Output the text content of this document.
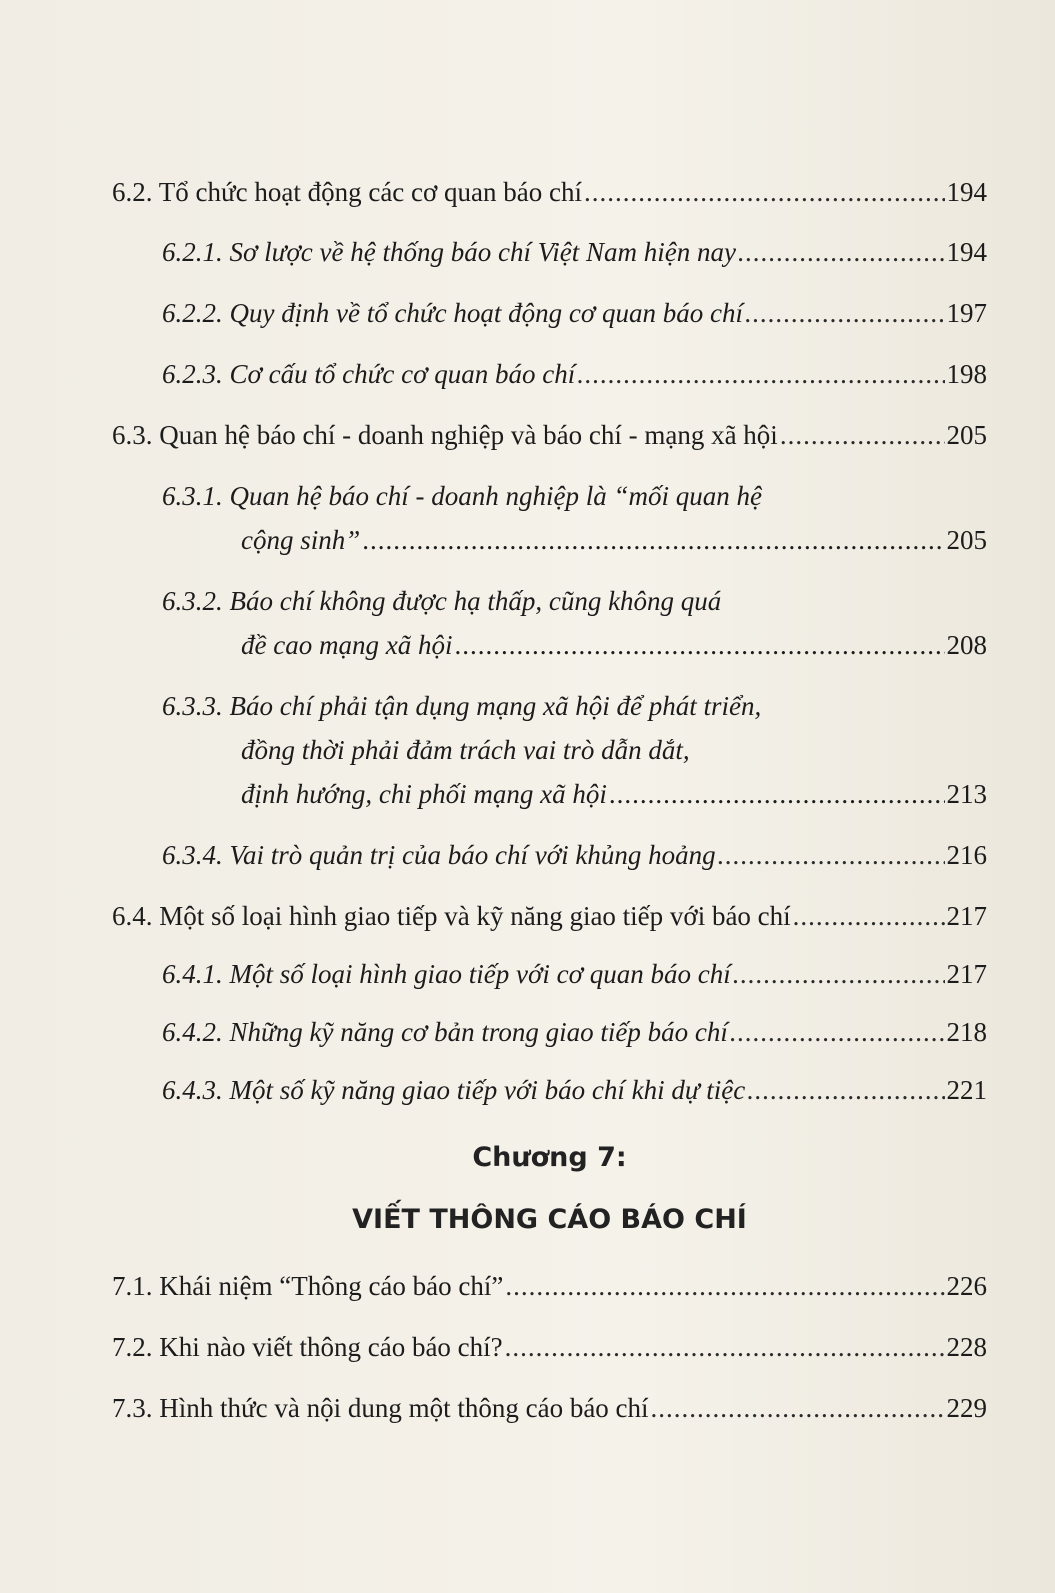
6.2. Tổ chức hoạt động các cơ quan báo chí .....	194
6.2.1. Sơ lược về hệ thống báo chí Việt Nam hiện nay .....	194
6.2.2. Quy định về tổ chức hoạt động cơ quan báo chí .....	197
6.2.3. Cơ cấu tổ chức cơ quan báo chí .....	198
6.3. Quan hệ báo chí - doanh nghiệp và báo chí - mạng xã hội .....	205
6.3.1. Quan hệ báo chí - doanh nghiệp là “mối quan hệ
cộng sinh” .....	205
6.3.2. Báo chí không được hạ thấp, cũng không quá
đề cao mạng xã hội .....	208
6.3.3. Báo chí phải tận dụng mạng xã hội để phát triển,
đồng thời phải đảm trách vai trò dẫn dắt,
định hướng, chi phối mạng xã hội .....	213
6.3.4. Vai trò quản trị của báo chí với khủng hoảng .....	216
6.4. Một số loại hình giao tiếp và kỹ năng giao tiếp với báo chí .....	217
6.4.1. Một số loại hình giao tiếp với cơ quan báo chí .....	217
6.4.2. Những kỹ năng cơ bản trong giao tiếp báo chí .....	218
6.4.3. Một số kỹ năng giao tiếp với báo chí khi dự tiệc .....	221
Chương 7:
VIẾT THÔNG CÁO BÁO CHÍ
7.1. Khái niệm “Thông cáo báo chí” .....	226
7.2. Khi nào viết thông cáo báo chí? .....	228
7.3. Hình thức và nội dung một thông cáo báo chí .....	229
